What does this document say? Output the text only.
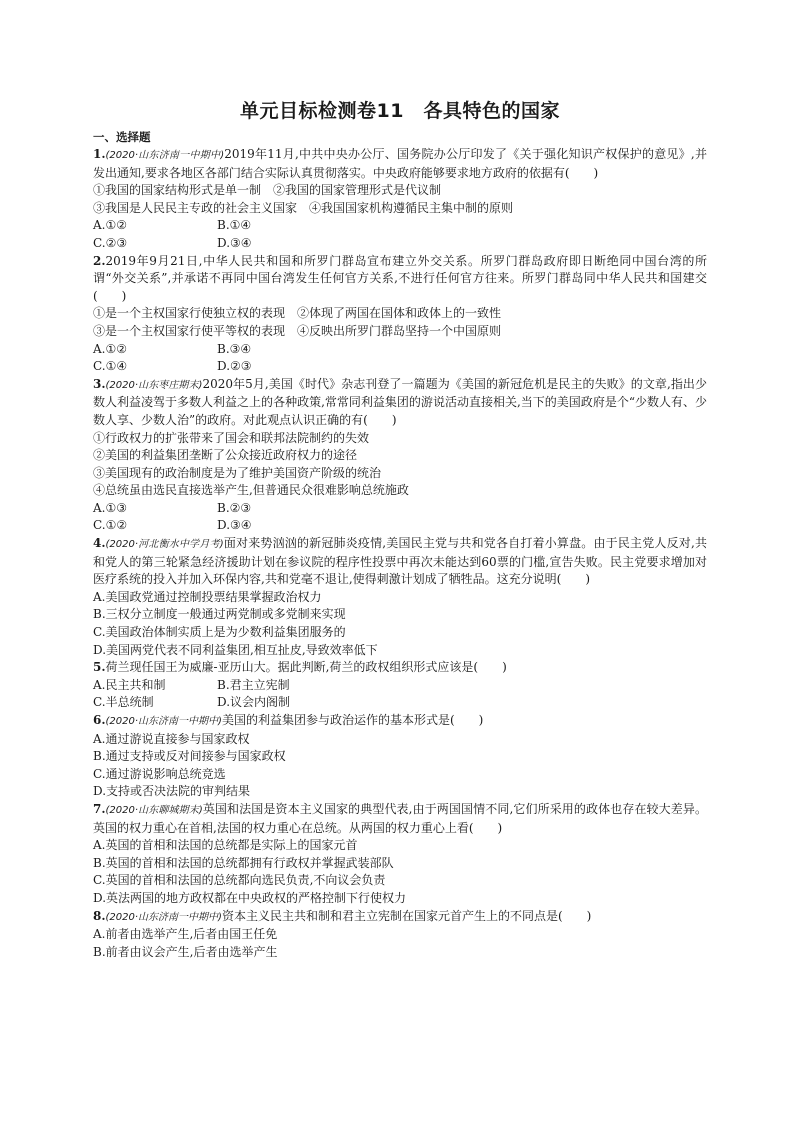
单元目标检测卷11　各具特色的国家
一、选择题

1.(2020·山东济南一中期中)2019年11月,中共中央办公厅、国务院办公厅印发了《关于强化知识产权保护的意见》,并发出通知,要求各地区各部门结合实际认真贯彻落实。中央政府能够要求地方政府的依据有(　　)

①我国的国家结构形式是单一制　②我国的国家管理形式是代议制

③我国是人民民主专政的社会主义国家　④我国国家机构遵循民主集中制的原则

A.①②	B.①④
C.②③	D.③④

2.2019年9月21日,中华人民共和国和所罗门群岛宣布建立外交关系。所罗门群岛政府即日断绝同中国台湾的所谓“外交关系”,并承诺不再同中国台湾发生任何官方关系,不进行任何官方往来。所罗门群岛同中华人民共和国建交(　　)

①是一个主权国家行使独立权的表现　②体现了两国在国体和政体上的一致性

③是一个主权国家行使平等权的表现　④反映出所罗门群岛坚持一个中国原则

A.①②	B.③④
C.①④	D.②③

3.(2020·山东枣庄期末)2020年5月,美国《时代》杂志刊登了一篇题为《美国的新冠危机是民主的失败》的文章,指出少数人利益凌驾于多数人利益之上的各种政策,常常同利益集团的游说活动直接相关,当下的美国政府是个“少数人有、少数人享、少数人治”的政府。对此观点认识正确的有(　　)

①行政权力的扩张带来了国会和联邦法院制约的失效

②美国的利益集团垄断了公众接近政府权力的途径

③美国现有的政治制度是为了维护美国资产阶级的统治

④总统虽由选民直接选举产生,但普通民众很难影响总统施政

A.①③	B.②③
C.①②	D.③④

4.(2020·河北衡水中学月考)面对来势汹汹的新冠肺炎疫情,美国民主党与共和党各自打着小算盘。由于民主党人反对,共和党人的第三轮紧急经济援助计划在参议院的程序性投票中再次未能达到60票的门槛,宣告失败。民主党要求增加对医疗系统的投入并加入环保内容,共和党毫不退让,使得刺激计划成了牺牲品。这充分说明(　　)

A.美国政党通过控制投票结果掌握政治权力
B.三权分立制度一般通过两党制或多党制来实现
C.美国政治体制实质上是为少数利益集团服务的
D.美国两党代表不同利益集团,相互扯皮,导致效率低下

5.荷兰现任国王为威廉-亚历山大。据此判断,荷兰的政权组织形式应该是(　　)

A.民主共和制	B.君主立宪制
C.半总统制	D.议会内阁制

6.(2020·山东济南一中期中)美国的利益集团参与政治运作的基本形式是(　　)

A.通过游说直接参与国家政权
B.通过支持或反对间接参与国家政权
C.通过游说影响总统竞选
D.支持或否决法院的审判结果

7.(2020·山东聊城期末)英国和法国是资本主义国家的典型代表,由于两国国情不同,它们所采用的政体也存在较大差异。英国的权力重心在首相,法国的权力重心在总统。从两国的权力重心上看(　　)

A.英国的首相和法国的总统都是实际上的国家元首
B.英国的首相和法国的总统都拥有行政权并掌握武装部队
C.英国的首相和法国的总统都向选民负责,不向议会负责
D.英法两国的地方政权都在中央政权的严格控制下行使权力

8.(2020·山东济南一中期中)资本主义民主共和制和君主立宪制在国家元首产生上的不同点是(　　)

A.前者由选举产生,后者由国王任免
B.前者由议会产生,后者由选举产生
